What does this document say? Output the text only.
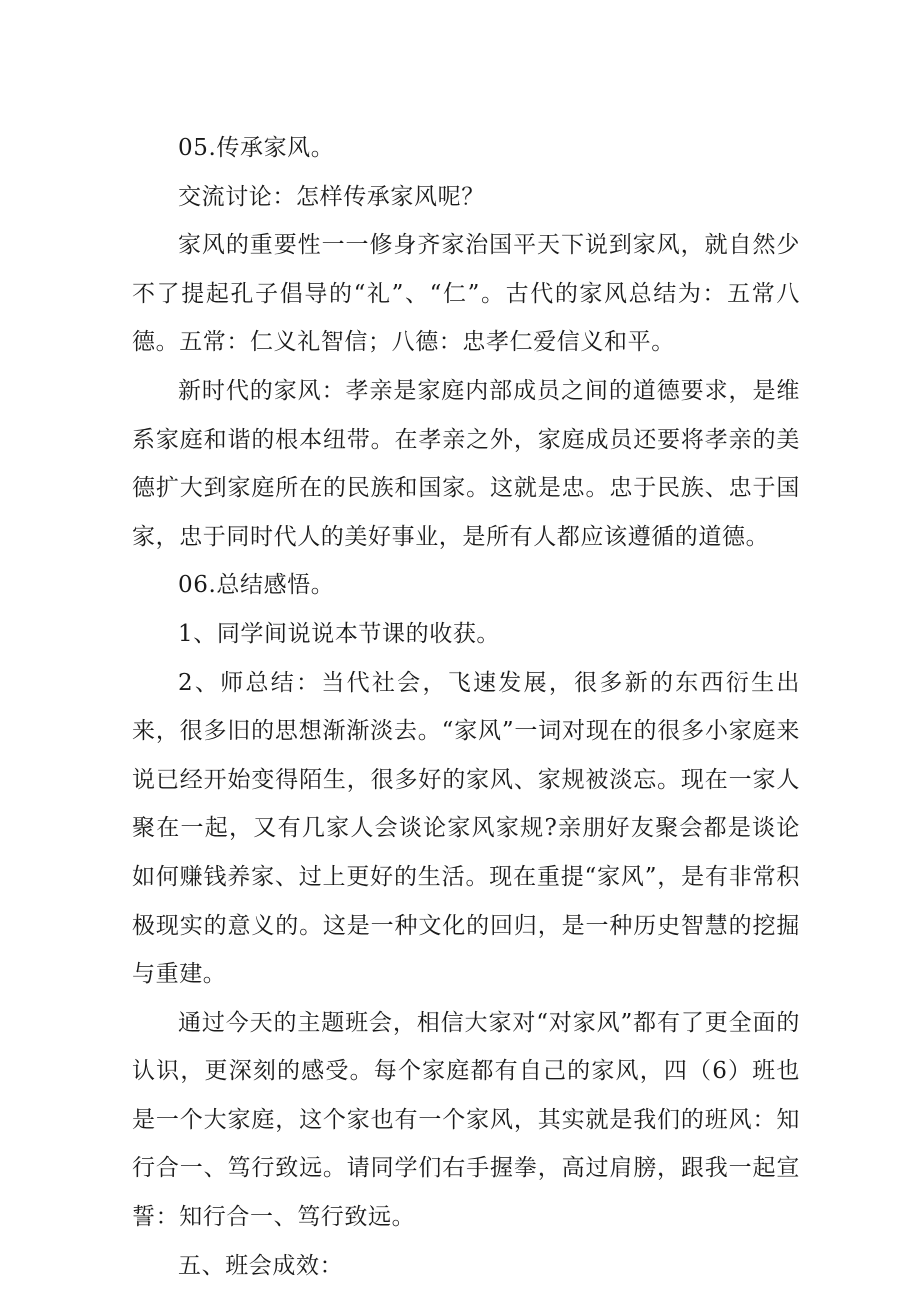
05.传承家风。

交流讨论：怎样传承家风呢？

家风的重要性一一修身齐家治国平天下说到家风，就自然少不了提起孔子倡导的“礼”、“仁”。古代的家风总结为：五常八德。五常：仁义礼智信；八德：忠孝仁爱信义和平。

新时代的家风：孝亲是家庭内部成员之间的道德要求，是维系家庭和谐的根本纽带。在孝亲之外，家庭成员还要将孝亲的美德扩大到家庭所在的民族和国家。这就是忠。忠于民族、忠于国家，忠于同时代人的美好事业，是所有人都应该遵循的道德。

06.总结感悟。

1、同学间说说本节课的收获。

2、师总结：当代社会，飞速发展，很多新的东西衍生出来，很多旧的思想渐渐淡去。“家风”一词对现在的很多小家庭来说已经开始变得陌生，很多好的家风、家规被淡忘。现在一家人聚在一起，又有几家人会谈论家风家规?亲朋好友聚会都是谈论如何赚钱养家、过上更好的生活。现在重提“家风”，是有非常积极现实的意义的。这是一种文化的回归，是一种历史智慧的挖掘与重建。

通过今天的主题班会，相信大家对“对家风”都有了更全面的认识，更深刻的感受。每个家庭都有自己的家风，四（6）班也是一个大家庭，这个家也有一个家风，其实就是我们的班风：知行合一、笃行致远。请同学们右手握拳，高过肩膀，跟我一起宣誓：知行合一、笃行致远。

五、班会成效：
